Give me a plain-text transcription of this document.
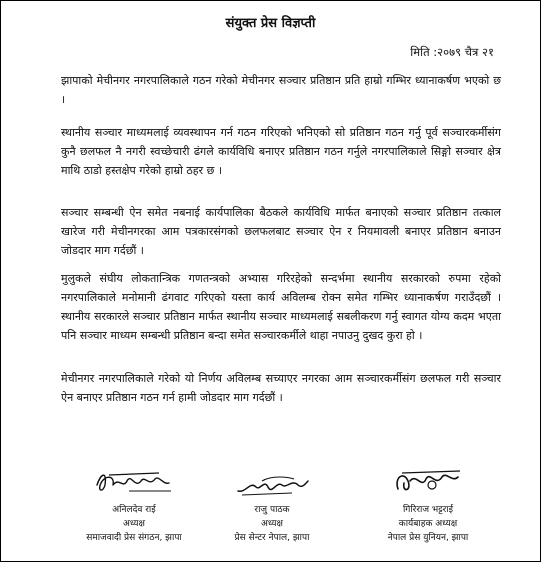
संयुक्त प्रेस विज्ञप्ती
मिति :२०७९ चैत्र २१

झापाको मेचीनगर नगरपालिकाले गठन गरेको मेचीनगर सञ्चार प्रतिष्ठान प्रति हाम्रो गम्भिर ध्यानाकर्षण भएको छ ।

स्थानीय सञ्चार माध्यमलाई व्यवस्थापन गर्न गठन गरिएको भनिएको सो प्रतिष्ठान गठन गर्नु पूर्व सञ्चारकर्मीसंग कुनै छलफल नै नगरी स्वच्छेचारी ढंगले कार्यविधि बनाएर प्रतिष्ठान गठन गर्नुले नगरपालिकाले सिङ्गो सञ्चार क्षेत्र माथि ठाडो हस्तक्षेप गरेको हाम्रो ठहर छ ।

सञ्चार सम्बन्धी ऐन समेत नबनाई कार्यपालिका बैठकले कार्यविधि मार्फत बनाएको सञ्चार प्रतिष्ठान तत्काल खारेज गरी मेचीनगरका आम पत्रकारसंगको छलफलबाट सञ्चार ऐन र नियमावली बनाएर प्रतिष्ठान बनाउन जोडदार माग गर्दछौं ।

मुलुकले संघीय लोकतान्त्रिक गणतन्त्रको अभ्यास गरिरहेको सन्दर्भमा स्थानीय सरकारको रुपमा रहेको नगरपालिकाले मनोमानी ढंगवाट गरिएको यस्ता कार्य अविलम्ब रोक्न समेत गम्भिर ध्यानाकर्षण गराउँदछौं । स्थानीय सरकारले सञ्चार प्रतिष्ठान मार्फत स्थानीय सञ्चार माध्यमलाई सबलीकरण गर्नु स्वागत योग्य कदम भएता पनि सञ्चार माध्यम सम्बन्धी प्रतिष्ठान बन्दा समेत सञ्चारकर्मीले थाहा नपाउनु दुखद कुरा हो ।

मेचीनगर नगरपालिकाले गरेको यो निर्णय अविलम्ब सच्याएर नगरका आम सञ्चारकर्मीसंग छलफल गरी सञ्चार ऐन बनाएर प्रतिष्ठान गठन गर्न हामी जोडदार माग गर्दछौं ।

अनिलदेव राई
अध्यक्ष
समाजवादी प्रेस संगठन, झापा
राजु पाठक
अध्यक्ष
प्रेस सेन्टर नेपाल, झापा
गिरिराज भट्टराई
कार्यबाहक अध्यक्ष
नेपाल प्रेस युनियन, झापा
